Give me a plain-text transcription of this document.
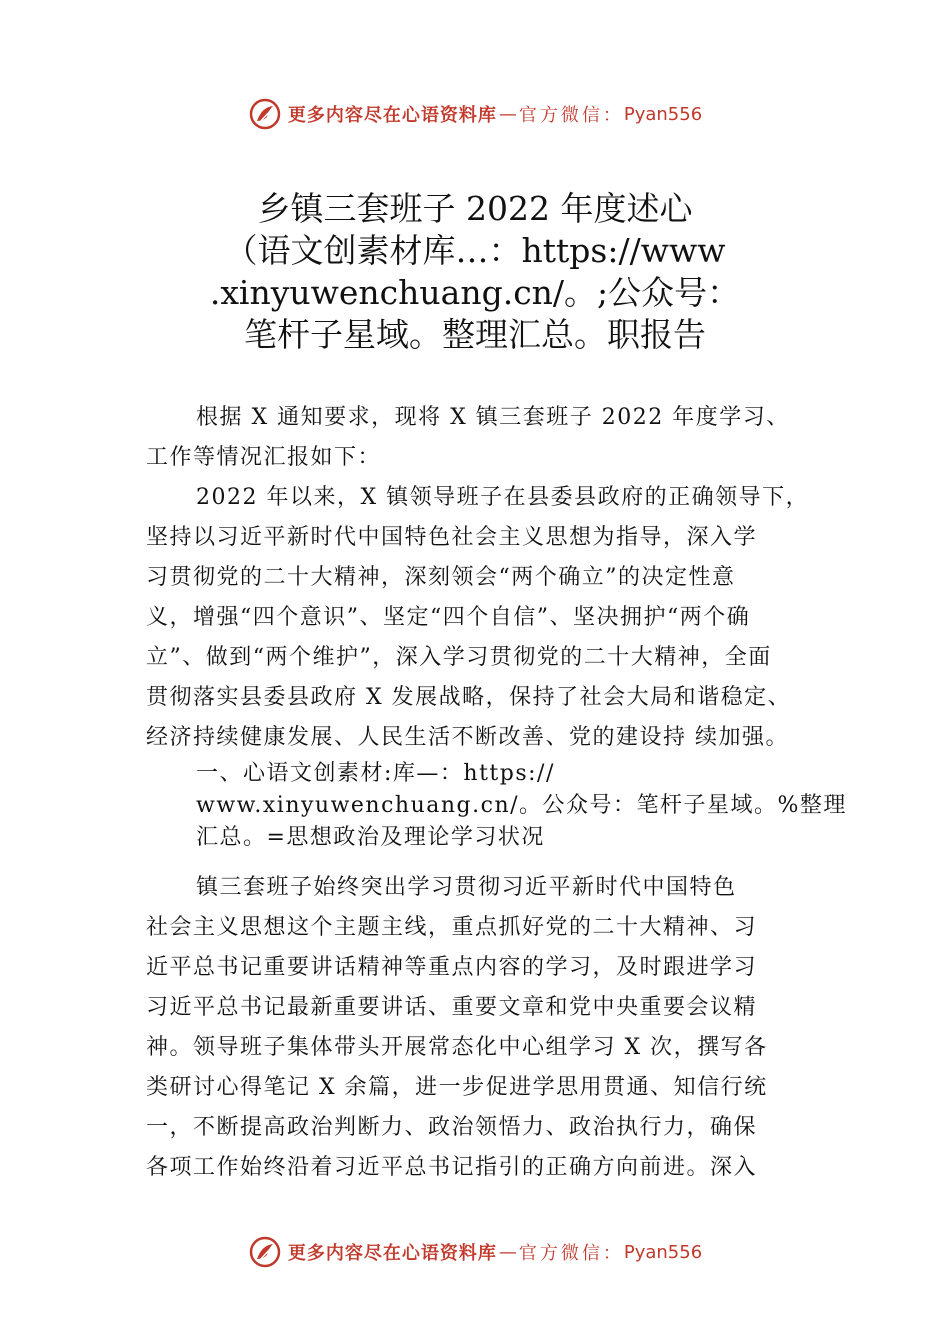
更多内容尽在心语资料库 — 官方微信： Pyan556
乡镇三套班子 2022 年度述心
（语文创素材库…：https://www
.xinyuwenchuang.cn/。;公众号：
笔杆子星域。整理汇总。职报告
根据 X 通知要求，现将 X 镇三套班子 2022 年度学习、
工作等情况汇报如下：
2022 年以来，X 镇领导班子在县委县政府的正确领导下，
坚持以习近平新时代中国特色社会主义思想为指导，深入学
习贯彻党的二十大精神，深刻领会“两个确立”的决定性意
义，增强“四个意识”、坚定“四个自信”、坚决拥护“两个确
立”、做到“两个维护”，深入学习贯彻党的二十大精神，全面
贯彻落实县委县政府 X 发展战略，保持了社会大局和谐稳定、
经济持续健康发展、人民生活不断改善、党的建设持 续加强。
一、心语文创素材:库—：https://
www.xinyuwenchuang.cn/。公众号：笔杆子星域。%整理
汇总。=思想政治及理论学习状况
镇三套班子始终突出学习贯彻习近平新时代中国特色
社会主义思想这个主题主线，重点抓好党的二十大精神、习
近平总书记重要讲话精神等重点内容的学习，及时跟进学习
习近平总书记最新重要讲话、重要文章和党中央重要会议精
神。领导班子集体带头开展常态化中心组学习 X 次，撰写各
类研讨心得笔记 X 余篇，进一步促进学思用贯通、知信行统
一，不断提高政治判断力、政治领悟力、政治执行力，确保
各项工作始终沿着习近平总书记指引的正确方向前进。深入
更多内容尽在心语资料库 — 官方微信： Pyan556
